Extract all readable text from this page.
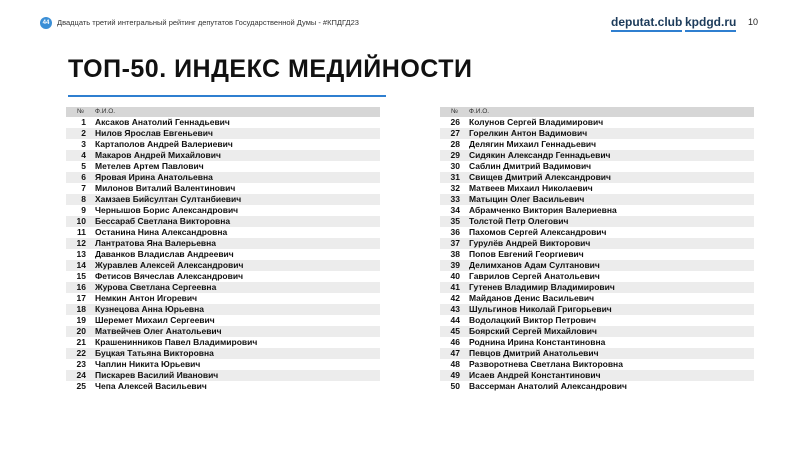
44	Двадцать третий интегральный рейтинг депутатов Государственной Думы - #КПДГД23	deputat.club kpdgd.ru 10
ТОП-50. ИНДЕКС МЕДИЙНОСТИ
№ Ф.И.О.
1 Аксаков Анатолий Геннадьевич
2 Нилов Ярослав Евгеньевич
3 Картаполов Андрей Валериевич
4 Макаров Андрей Михайлович
5 Метелев Артем Павлович
6 Яровая Ирина Анатольевна
7 Милонов Виталий Валентинович
8 Хамзаев Бийсултан Султанбиевич
9 Чернышов Борис Александрович
10 Бессараб Светлана Викторовна
11 Останина Нина Александровна
12 Лантратова Яна Валерьевна
13 Даванков Владислав Андреевич
14 Журавлев Алексей Александрович
15 Фетисов Вячеслав Александрович
16 Журова Светлана Сергеевна
17 Немкин Антон Игоревич
18 Кузнецова Анна Юрьевна
19 Шеремет Михаил Сергеевич
20 Матвейчев Олег Анатольевич
21 Крашенинников Павел Владимирович
22 Буцкая Татьяна Викторовна
23 Чаплин Никита Юрьевич
24 Пискарев Василий Иванович
25 Чепа Алексей Васильевич
№ Ф.И.О.
26 Колунов Сергей Владимирович
27 Горелкин Антон Вадимович
28 Делягин Михаил Геннадьевич
29 Сидякин Александр Геннадьевич
30 Саблин Дмитрий Вадимович
31 Свищев Дмитрий Александрович
32 Матвеев Михаил Николаевич
33 Матыцин Олег Васильевич
34 Абрамченко Виктория Валериевна
35 Толстой Петр Олегович
36 Пахомов Сергей Александрович
37 Гурулёв Андрей Викторович
38 Попов Евгений Георгиевич
39 Делимханов Адам Султанович
40 Гаврилов Сергей Анатольевич
41 Гутенев Владимир Владимирович
42 Майданов Денис Васильевич
43 Шульгинов Николай Григорьевич
44 Водолацкий Виктор Петрович
45 Боярский Сергей Михайлович
46 Роднина Ирина Константиновна
47 Певцов Дмитрий Анатольевич
48 Разворотнева Светлана Викторовна
49 Исаев Андрей Константинович
50 Вассерман Анатолий Александрович
